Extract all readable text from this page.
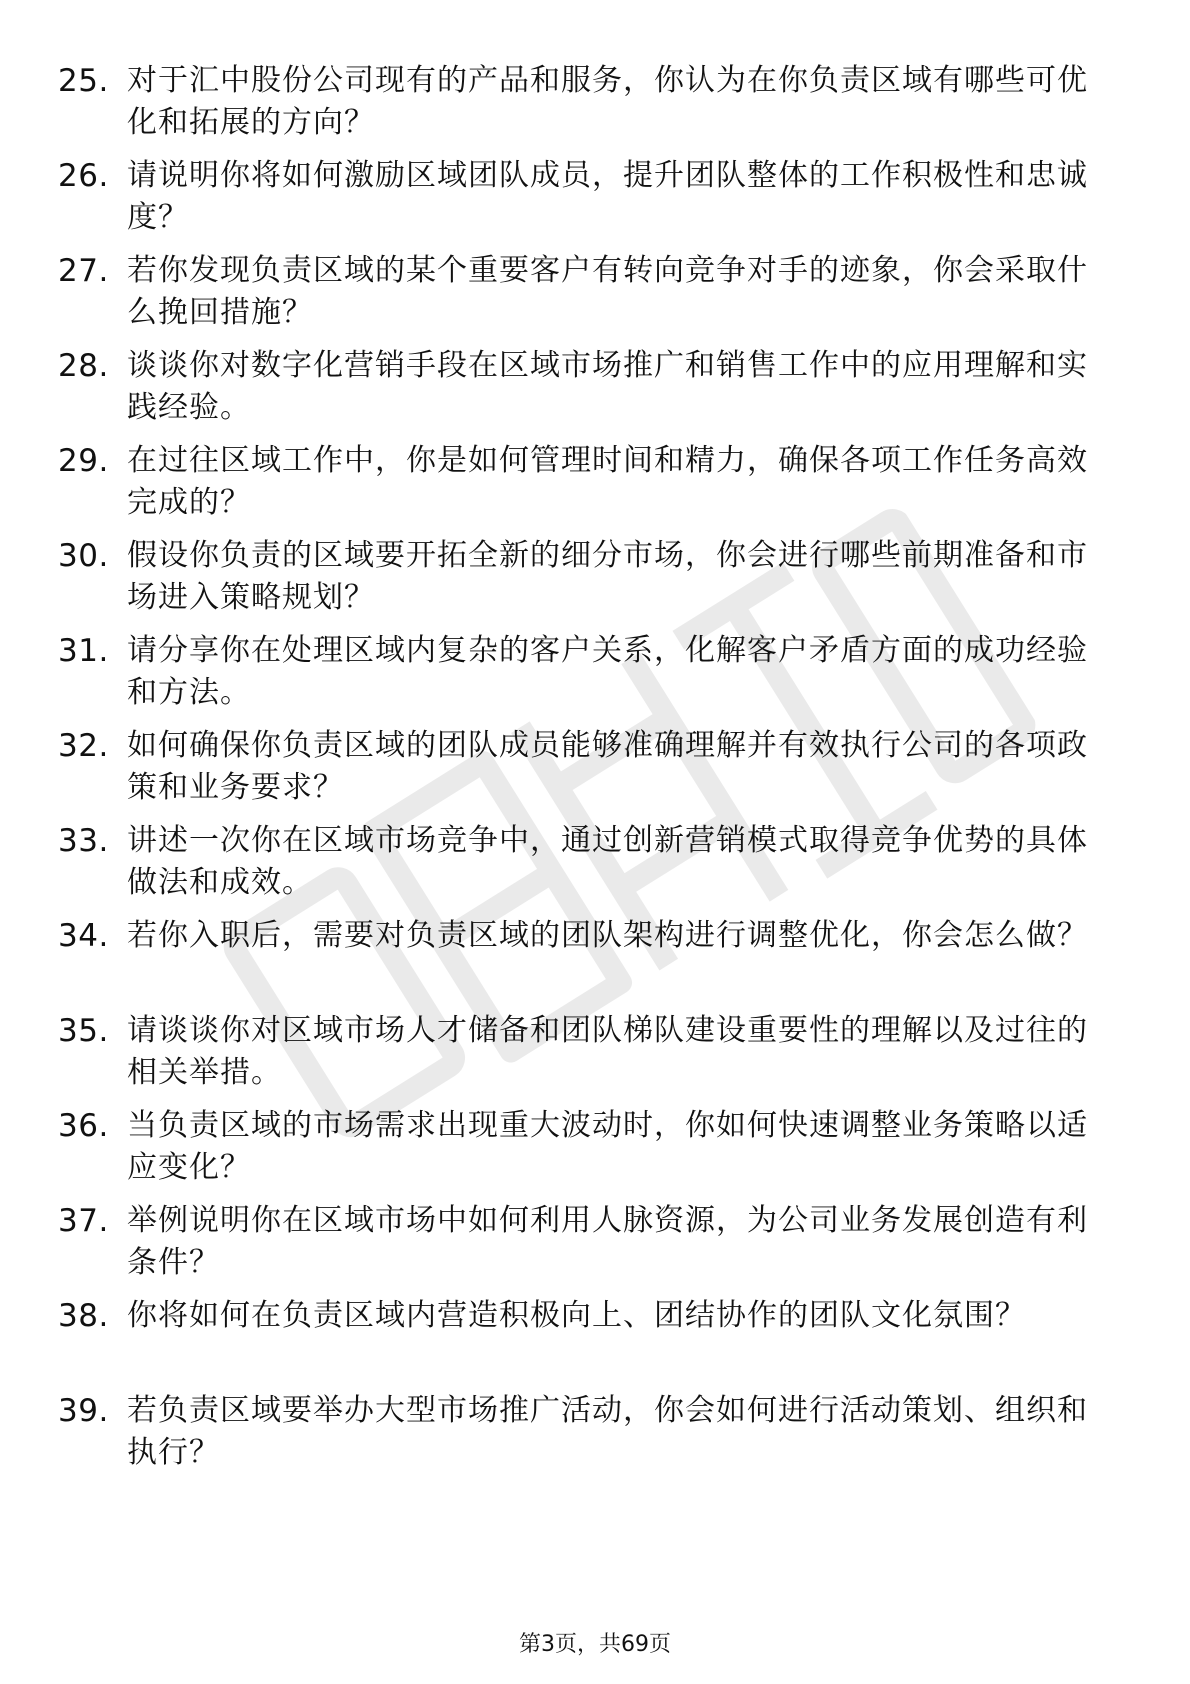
25. 对于汇中股份公司现有的产品和服务，你认为在你负责区域有哪些可优化和拓展的方向？
26. 请说明你将如何激励区域团队成员，提升团队整体的工作积极性和忠诚度？
27. 若你发现负责区域的某个重要客户有转向竞争对手的迹象，你会采取什么挽回措施？
28. 谈谈你对数字化营销手段在区域市场推广和销售工作中的应用理解和实践经验。
29. 在过往区域工作中，你是如何管理时间和精力，确保各项工作任务高效完成的？
30. 假设你负责的区域要开拓全新的细分市场，你会进行哪些前期准备和市场进入策略规划？
31. 请分享你在处理区域内复杂的客户关系，化解客户矛盾方面的成功经验和方法。
32. 如何确保你负责区域的团队成员能够准确理解并有效执行公司的各项政策和业务要求？
33. 讲述一次你在区域市场竞争中，通过创新营销模式取得竞争优势的具体做法和成效。
34. 若你入职后，需要对负责区域的团队架构进行调整优化，你会怎么做？
35. 请谈谈你对区域市场人才储备和团队梯队建设重要性的理解以及过往的相关举措。
36. 当负责区域的市场需求出现重大波动时，你如何快速调整业务策略以适应变化？
37. 举例说明你在区域市场中如何利用人脉资源，为公司业务发展创造有利条件？
38. 你将如何在负责区域内营造积极向上、团结协作的团队文化氛围？
39. 若负责区域要举办大型市场推广活动，你会如何进行活动策划、组织和执行？
第3页，共69页
